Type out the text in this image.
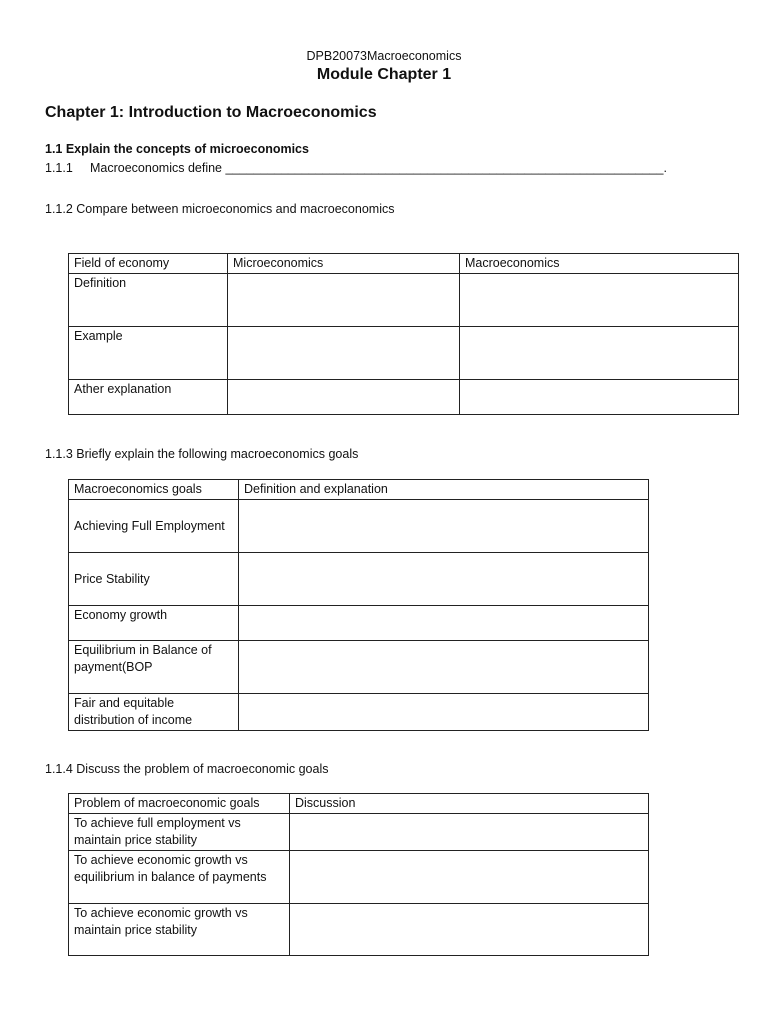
DPB20073Macroeconomics
Module Chapter 1
Chapter 1: Introduction to Macroeconomics
1.1 Explain the concepts of microeconomics
1.1.1 Macroeconomics define _______________________________________________________________.
1.1.2 Compare between microeconomics and macroeconomics
Field of economy	Microeconomics	Macroeconomics
Definition		
Example		
Ather explanation		
1.1.3 Briefly explain the following macroeconomics goals
Macroeconomics goals	Definition and explanation
Achieving Full Employment	
Price Stability	
Economy growth	
Equilibrium in Balance of payment(BOP	
Fair and equitable distribution of income	
1.1.4 Discuss the problem of macroeconomic goals
Problem of macroeconomic goals	Discussion
To achieve full employment vs maintain price stability	
To achieve economic growth vs equilibrium in balance of payments	
To achieve economic growth vs maintain price stability	
